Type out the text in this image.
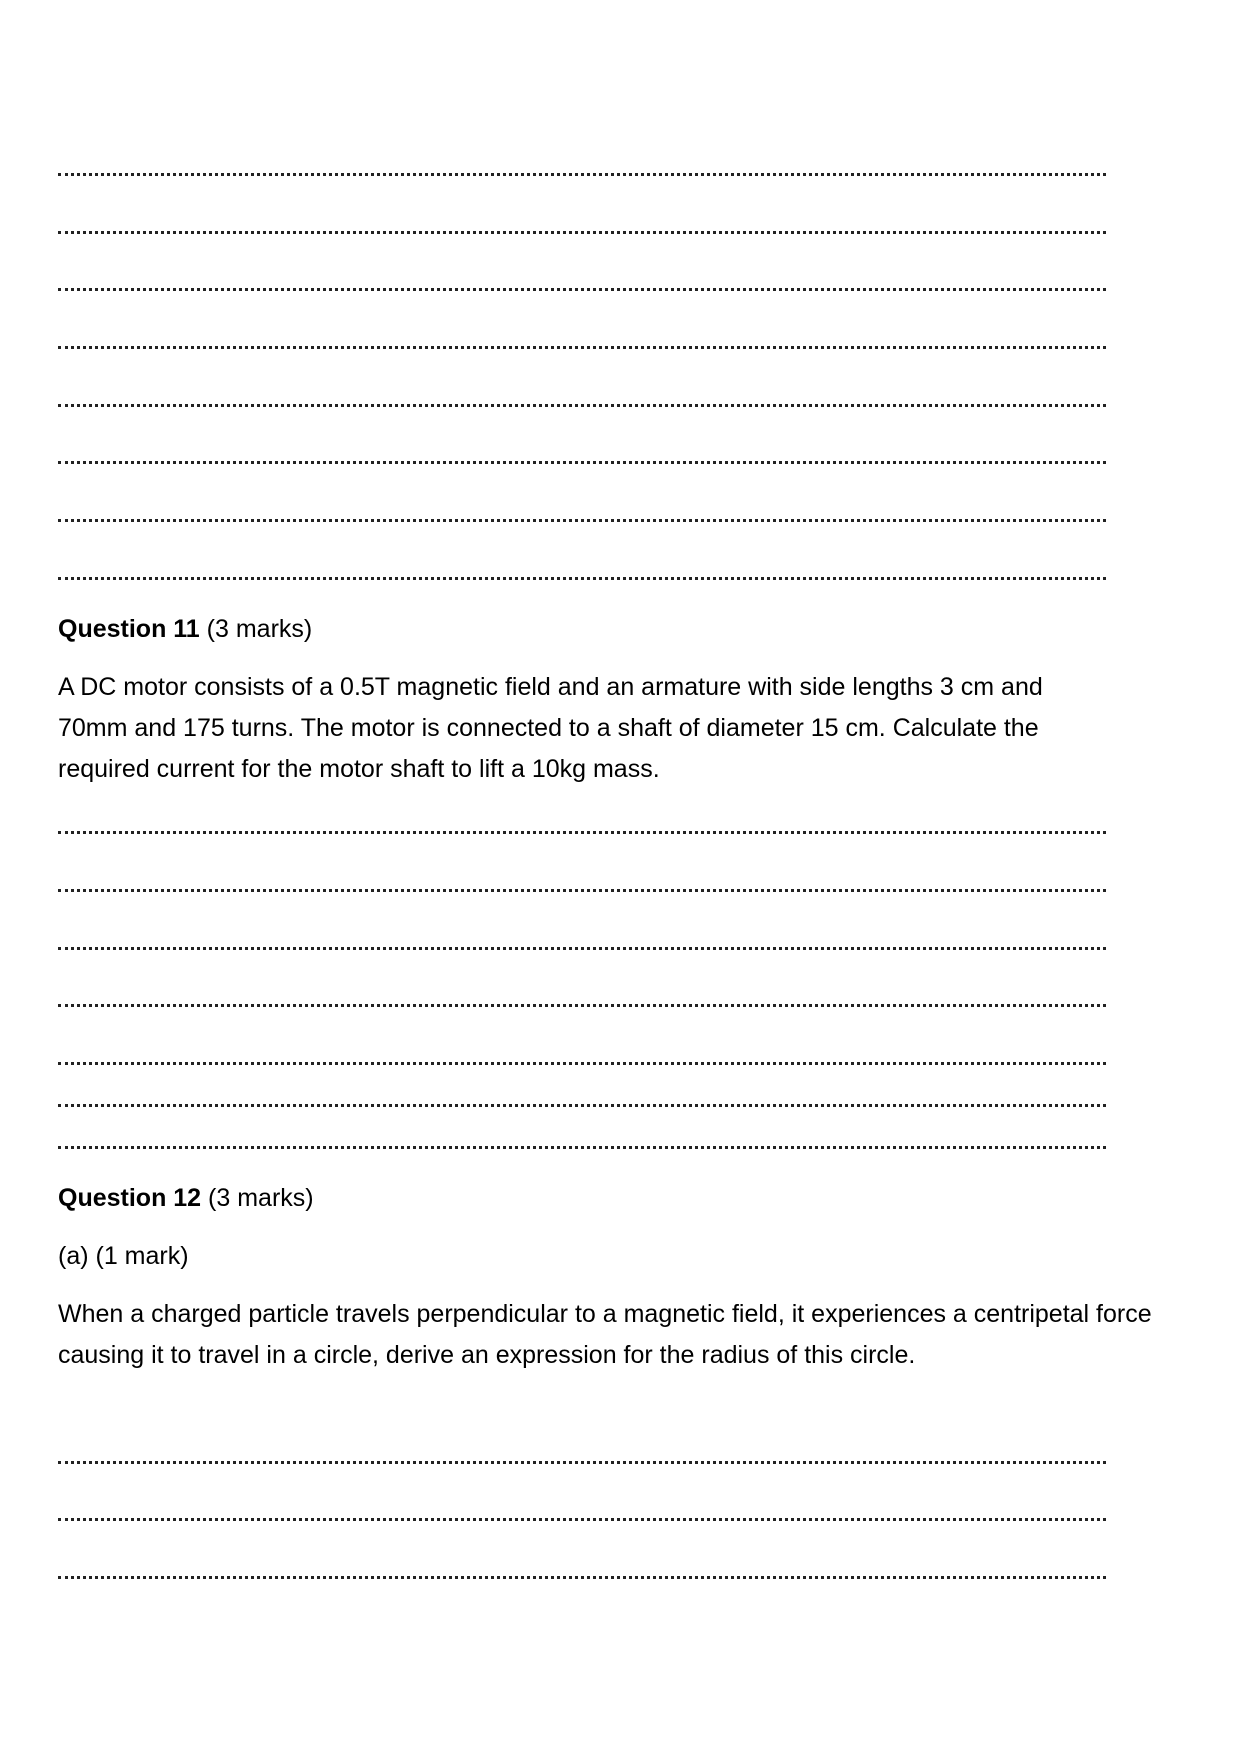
Question 11 (3 marks)

A DC motor consists of a 0.5T magnetic field and an armature with side lengths 3 cm and 70mm and 175 turns. The motor is connected to a shaft of diameter 15 cm. Calculate the required current for the motor shaft to lift a 10kg mass.

Question 12 (3 marks)
(a) (1 mark)

When a charged particle travels perpendicular to a magnetic field, it experiences a centripetal force causing it to travel in a circle, derive an expression for the radius of this circle.
